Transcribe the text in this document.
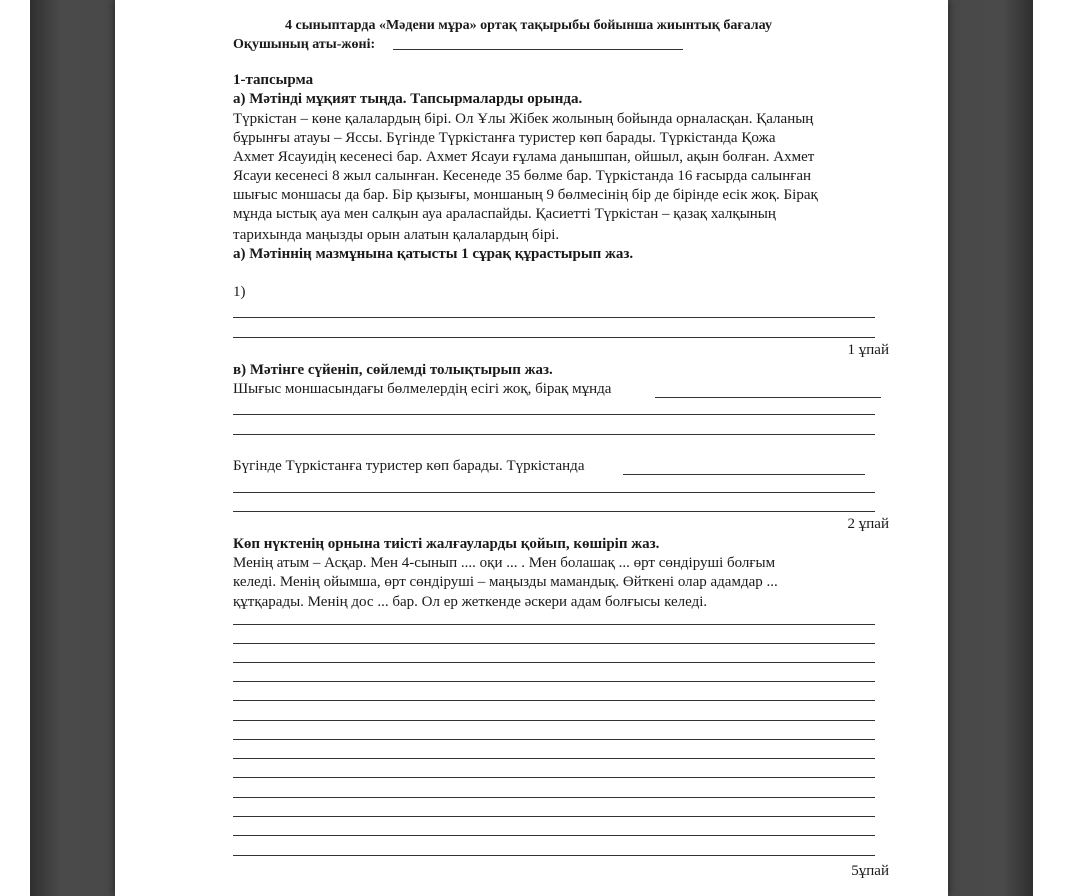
4 сыныптарда «Мәдени мұра» ортақ тақырыбы бойынша жиынтық бағалау
Оқушының аты-жөні:
1-тапсырма
а) Мәтінді мұқият тыңда. Тапсырмаларды орында.
Түркістан – көне қалалардың бірі. Ол Ұлы Жібек жолының бойында орналасқан. Қаланың
бұрынғы атауы – Яссы. Бүгінде Түркістанға туристер көп барады. Түркістанда Қожа
Ахмет Ясауидің кесенесі бар. Ахмет Ясауи ғұлама данышпан, ойшыл, ақын болған. Ахмет
Ясауи кесенесі 8 жыл салынған. Кесенеде 35 бөлме бар. Түркістанда 16 ғасырда салынған
шығыс моншасы да бар. Бір қызығы, моншаның 9 бөлмесінің бір де бірінде есік жоқ. Бірақ
мұнда ыстық ауа мен салқын ауа араласпайды. Қасиетті Түркістан – қазақ халқының
тарихында маңызды орын алатын қалалардың бірі.
а) Мәтіннің мазмұнына қатысты 1 сұрақ құрастырып жаз.
1)
1 ұпай
в) Мәтінге сүйеніп, сөйлемді толықтырып жаз.
Шығыс моншасындағы бөлмелердің есігі жоқ, бірақ мұнда
Бүгінде Түркістанға туристер көп барады. Түркістанда
2 ұпай
Көп нүктенің орнына тиісті жалғауларды қойып, көшіріп жаз.
Менің атым – Асқар. Мен 4-сынып .... оқи ... . Мен болашақ ... өрт сөндіруші болғым
келеді. Менің ойымша, өрт сөндіруші – маңызды мамандық. Өйткені олар адамдар ...
құтқарады. Менің дос ... бар. Ол ер жеткенде әскери адам болғысы келеді.
5ұпай
